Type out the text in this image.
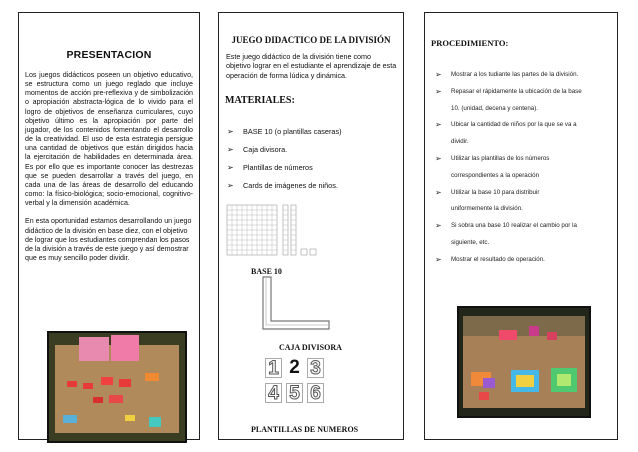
PRESENTACION

Los juegos didácticos poseen un objetivo educativo, se estructura como un juego reglado que incluye momentos de acción pre-reflexiva y de simbolización o apropiación abstracta-lógica de lo vivido para el logro de objetivos de enseñanza curriculares, cuyo objetivo último es la apropiación por parte del jugador, de los contenidos fomentando el desarrollo de la creatividad. El uso de esta estrategia persigue una cantidad de objetivos que están dirigidos hacia la ejercitación de habilidades en determinada área. Es por ello que es importante conocer las destrezas que se pueden desarrollar a través del juego, en cada una de las áreas de desarrollo del educando como: la físico-biológica; socio-emocional, cognitivo-verbal y la dimensión académica.

En esta oportunidad estamos desarrollando un juego didáctico de la división en base diez, con el objetivo de lograr que los estudiantes comprendan los pasos de la división a través de este juego y así demostrar que es muy sencillo poder dividir.

JUEGO DIDACTICO DE LA DIVISIÓN
Este juego didáctico de la división tiene como objetivo lograr en el estudiante el aprendizaje de esta operación de forma lúdica y dinámica.
MATERIALES:
➢ BASE 10 (o plantillas caseras)
➢ Caja divisora.
➢ Plantillas de números
➢ Cards de imágenes de niños.
BASE 10
CAJA DIVISORA
1 2 3
4 5 6
PLANTILLAS DE NUMEROS
PROCEDIMIENTO:
➢ Mostrar a los tudiante las partes de la división.
➢ Repasar el rápidamente la ubicación de la base
10. (unidad, decena y centena).
➢ Ubicar la cantidad de niños por la que se va a
dividir.
➢ Utilizar las plantillas de los números
correspondientes a la operación
➢ Utilizar la base 10 para distribuir
uniformemente la división.
➢ Si sobra una base 10 realizar el cambio por la
siguiente, etc.
➢ Mostrar el resultado de operación.
